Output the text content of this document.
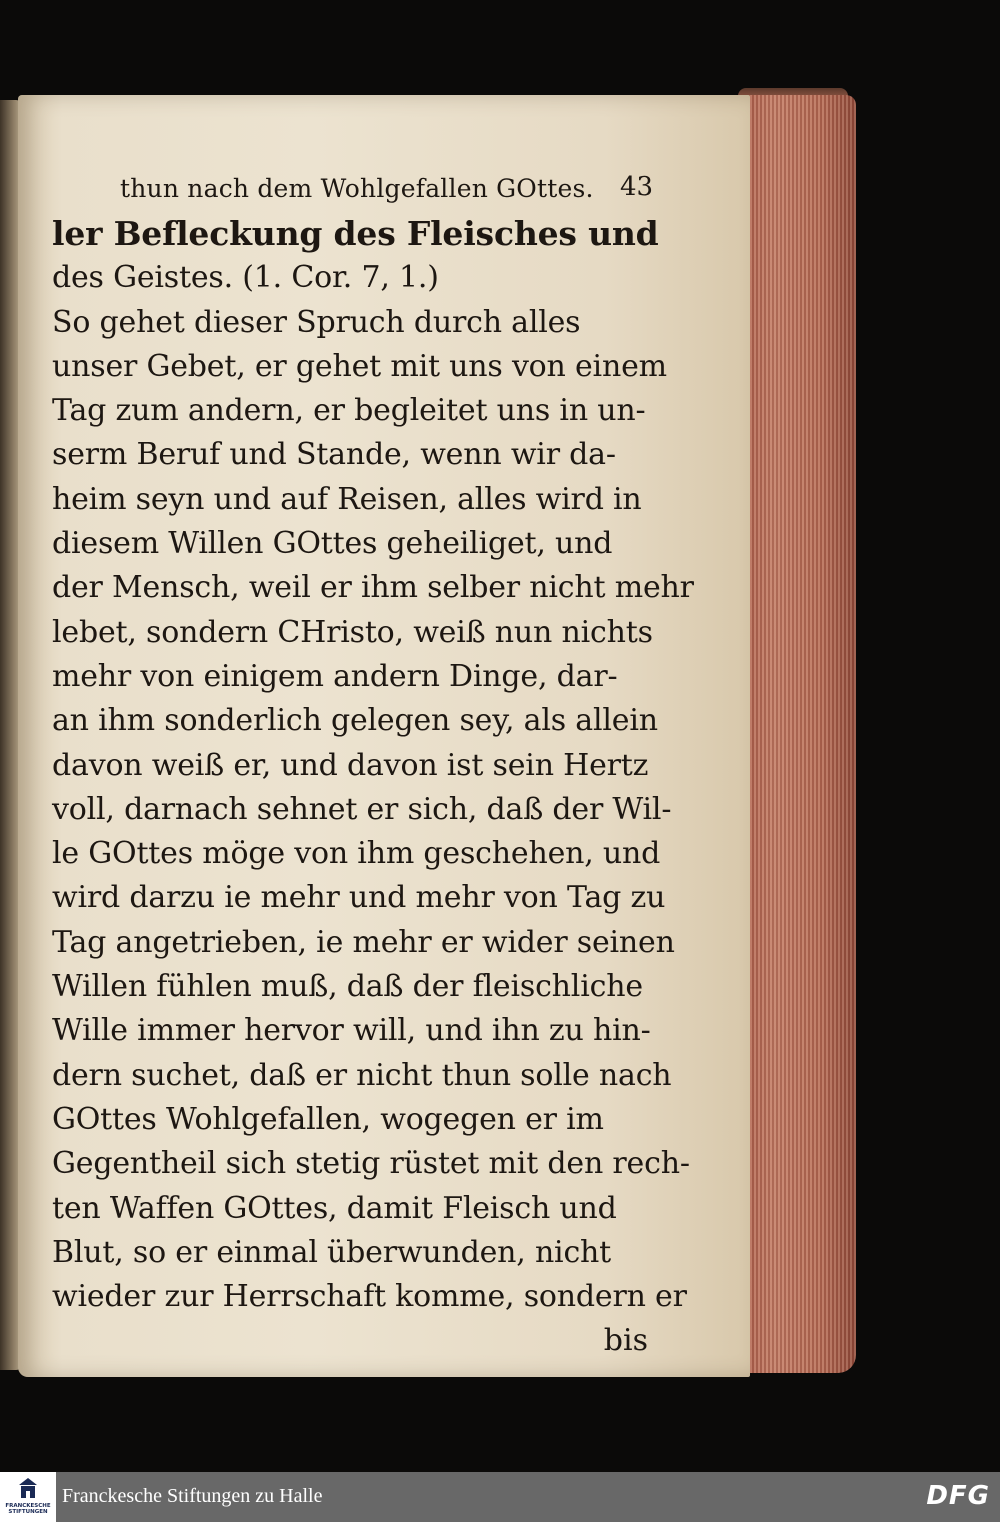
thun nach dem Wohlgefallen GOttes. 43
ler Befleckung des Fleisches und
des Geistes. (1. Cor. 7, 1.)
So gehet dieser Spruch durch alles
unser Gebet, er gehet mit uns von einem
Tag zum andern, er begleitet uns in un-
serm Beruf und Stande, wenn wir da-
heim seyn und auf Reisen, alles wird in
diesem Willen GOttes geheiliget, und
der Mensch, weil er ihm selber nicht mehr
lebet, sondern CHristo, weiß nun nichts
mehr von einigem andern Dinge, dar-
an ihm sonderlich gelegen sey, als allein
davon weiß er, und davon ist sein Hertz
voll, darnach sehnet er sich, daß der Wil-
le GOttes möge von ihm geschehen, und
wird darzu ie mehr und mehr von Tag zu
Tag angetrieben, ie mehr er wider seinen
Willen fühlen muß, daß der fleischliche
Wille immer hervor will, und ihn zu hin-
dern suchet, daß er nicht thun solle nach
GOttes Wohlgefallen, wogegen er im
Gegentheil sich stetig rüstet mit den rech-
ten Waffen GOttes, damit Fleisch und
Blut, so er einmal überwunden, nicht
wieder zur Herrschaft komme, sondern er
bis
FRANCKESCHE STIFTUNGEN
Franckesche Stiftungen zu Halle	DFG
